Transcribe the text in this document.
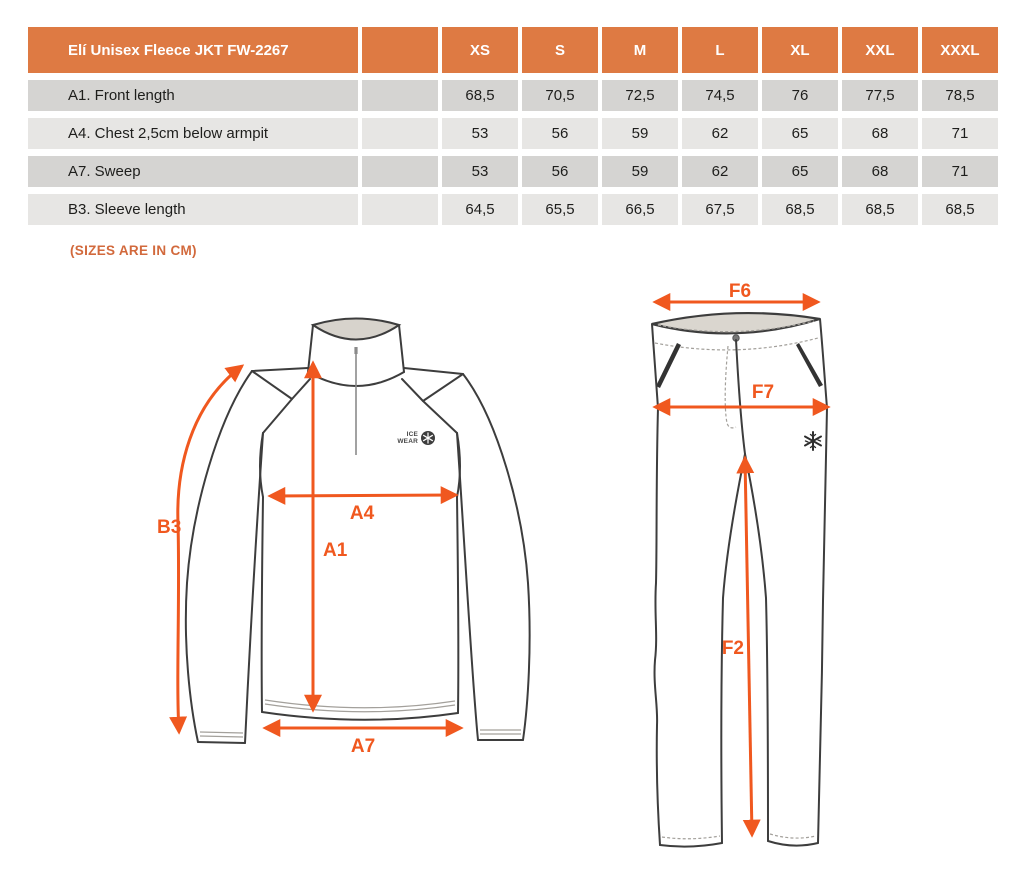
Elí Unisex Fleece JKT FW-2267		XS	S	M	L	XL	XXL	XXXL
A1. Front length		68,5	70,5	72,5	74,5	76	77,5	78,5
A4. Chest 2,5cm below armpit		53	56	59	62	65	68	71
A7. Sweep		53	56	59	62	65	68	71
B3. Sleeve length		64,5	65,5	66,5	67,5	68,5	68,5	68,5
(SIZES ARE IN CM)
ICE
WEAR
B3
A4
A1
A7
F6
F7
F2
